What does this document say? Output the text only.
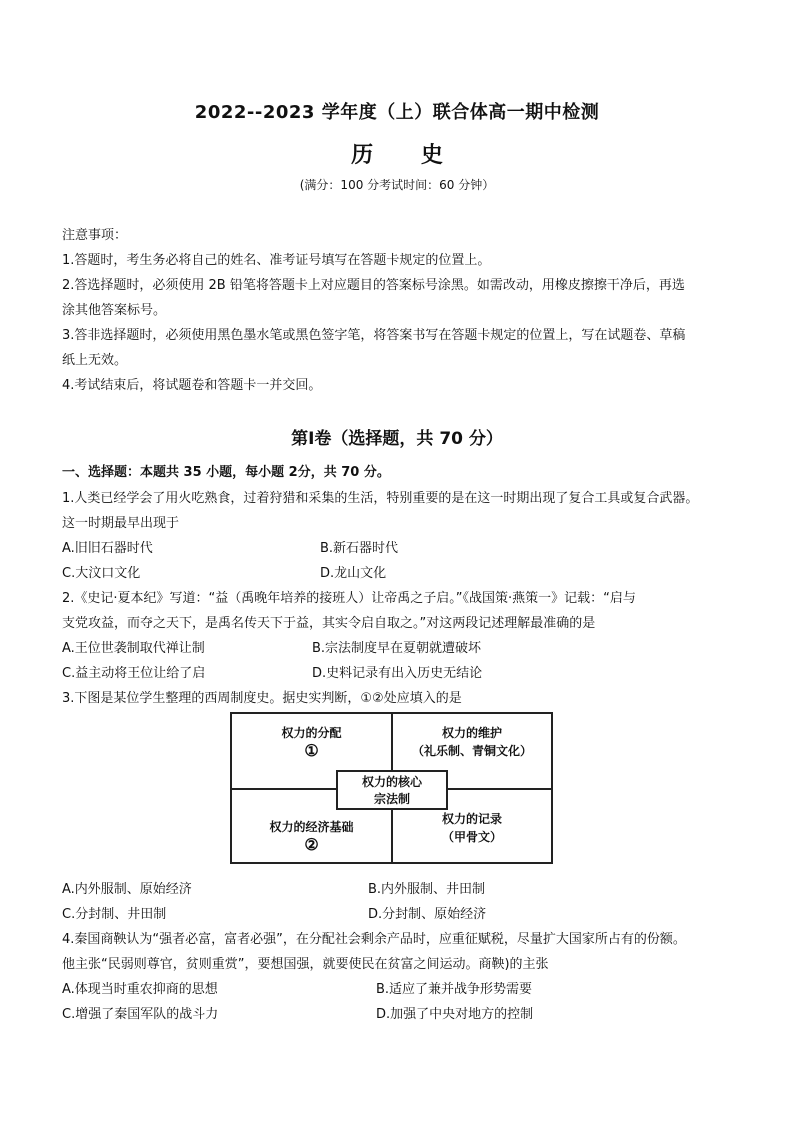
2022--2023 学年度（上）联合体高一期中检测
历 史
(满分：100 分考试时间：60 分钟）
注意事项：
1.答题时，考生务必将自己的姓名、准考证号填写在答题卡规定的位置上。
2.答选择题时，必须使用 2B 铅笔将答题卡上对应题目的答案标号涂黑。如需改动，用橡皮擦擦干净后，再选
涂其他答案标号。
3.答非选择题时，必须使用黑色墨水笔或黑色签字笔，将答案书写在答题卡规定的位置上，写在试题卷、草稿
纸上无效。
4.考试结束后，将试题卷和答题卡一并交回。
第Ⅰ卷（选择题，共 70 分）
一、选择题：本题共 35 小题，每小题 2分，共 70 分。
1.人类已经学会了用火吃熟食，过着狩猎和采集的生活，特别重要的是在这一时期出现了复合工具或复合武器。
这一时期最早出现于
A.旧旧石器时代	B.新石器时代
C.大汶口文化	D.龙山文化
2.《史记·夏本纪》写道：“益（禹晚年培养的接班人）让帝禹之子启。”《战国策·燕策一》记载：“启与
支党攻益，而夺之天下，是禹名传天下于益，其实令启自取之。”对这两段记述理解最准确的是
A.王位世袭制取代禅让制	B.宗法制度早在夏朝就遭破坏
C.益主动将王位让给了启	D.史料记录有出入历史无结论
3.下图是某位学生整理的西周制度史。据史实判断，①②处应填入的是
权力的分配
①
权力的维护
（礼乐制、青铜文化）
权力的经济基础
②
权力的记录
（甲骨文）
权力的核心
宗法制
A.内外服制、原始经济	B.内外服制、井田制
C.分封制、井田制	D.分封制、原始经济
4.秦国商鞅认为“强者必富，富者必强”，在分配社会剩余产品时，应重征赋税，尽量扩大国家所占有的份额。
他主张“民弱则尊官，贫则重赏”，要想国强，就要使民在贫富之间运动。商鞅)的主张
A.体现当时重农抑商的思想	B.适应了兼并战争形势需要
C.增强了秦国军队的战斗力	D.加强了中央对地方的控制
